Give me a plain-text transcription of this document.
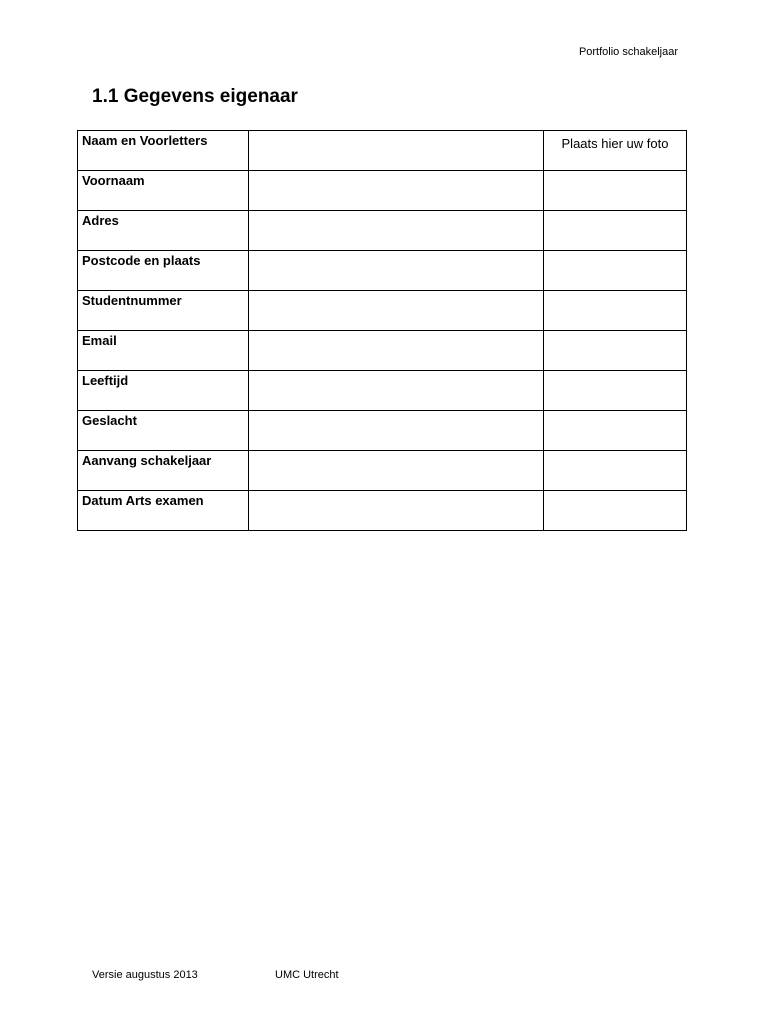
Portfolio schakeljaar
1.1 Gegevens eigenaar
Naam en Voorletters		Plaats hier uw foto
Voornaam		
Adres		
Postcode en plaats		
Studentnummer		
Email		
Leeftijd		
Geslacht		
Aanvang schakeljaar		
Datum Arts examen		
Versie augustus 2013	UMC Utrecht
